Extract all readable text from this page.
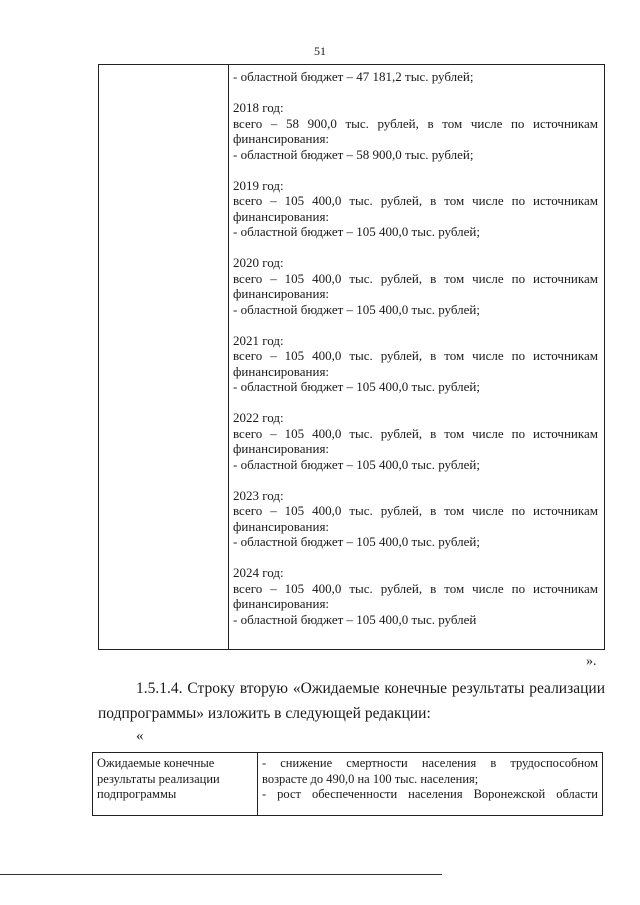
51
- областной бюджет – 47 181,2 тыс. рублей;
2018 год:
всего – 58 900,0 тыс. рублей, в том числе по источникам
финансирования:
- областной бюджет – 58 900,0 тыс. рублей;
2019 год:
всего – 105 400,0 тыс. рублей, в том числе по источникам
финансирования:
- областной бюджет – 105 400,0 тыс. рублей;
2020 год:
всего – 105 400,0 тыс. рублей, в том числе по источникам
финансирования:
- областной бюджет – 105 400,0 тыс. рублей;
2021 год:
всего – 105 400,0 тыс. рублей, в том числе по источникам
финансирования:
- областной бюджет – 105 400,0 тыс. рублей;
2022 год:
всего – 105 400,0 тыс. рублей, в том числе по источникам
финансирования:
- областной бюджет – 105 400,0 тыс. рублей;
2023 год:
всего – 105 400,0 тыс. рублей, в том числе по источникам
финансирования:
- областной бюджет – 105 400,0 тыс. рублей;
2024 год:
всего – 105 400,0 тыс. рублей, в том числе по источникам
финансирования:
- областной бюджет – 105 400,0 тыс. рублей
».
1.5.1.4. Строку вторую «Ожидаемые конечные результаты реализации
подпрограммы» изложить в следующей редакции:
«
Ожидаемые конечные результаты реализации подпрограммы
- снижение смертности населения в трудоспособном
возрасте до 490,0 на 100 тыс. населения;
- рост обеспеченности населения Воронежской области
